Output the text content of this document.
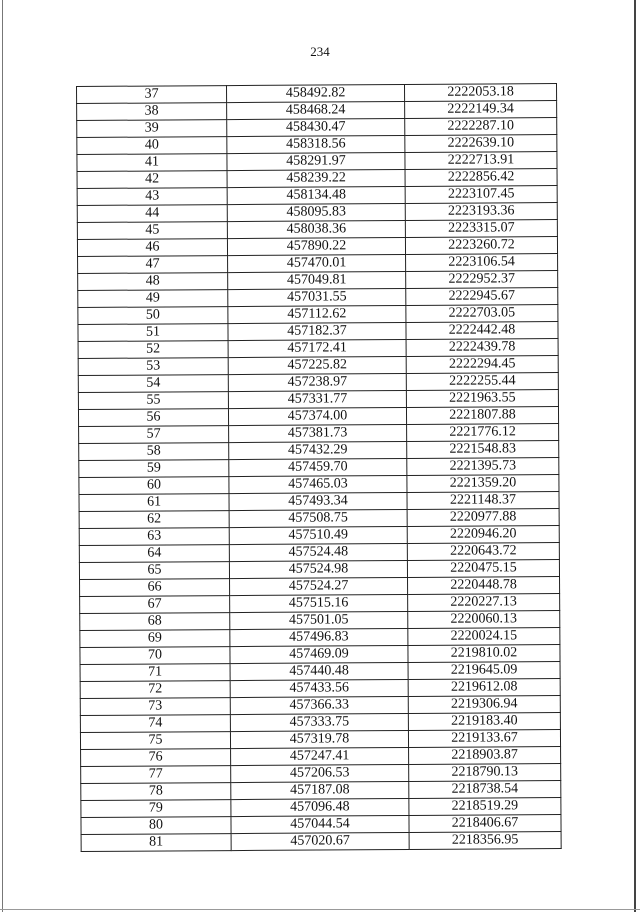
234
37	458492.82	2222053.18
38	458468.24	2222149.34
39	458430.47	2222287.10
40	458318.56	2222639.10
41	458291.97	2222713.91
42	458239.22	2222856.42
43	458134.48	2223107.45
44	458095.83	2223193.36
45	458038.36	2223315.07
46	457890.22	2223260.72
47	457470.01	2223106.54
48	457049.81	2222952.37
49	457031.55	2222945.67
50	457112.62	2222703.05
51	457182.37	2222442.48
52	457172.41	2222439.78
53	457225.82	2222294.45
54	457238.97	2222255.44
55	457331.77	2221963.55
56	457374.00	2221807.88
57	457381.73	2221776.12
58	457432.29	2221548.83
59	457459.70	2221395.73
60	457465.03	2221359.20
61	457493.34	2221148.37
62	457508.75	2220977.88
63	457510.49	2220946.20
64	457524.48	2220643.72
65	457524.98	2220475.15
66	457524.27	2220448.78
67	457515.16	2220227.13
68	457501.05	2220060.13
69	457496.83	2220024.15
70	457469.09	2219810.02
71	457440.48	2219645.09
72	457433.56	2219612.08
73	457366.33	2219306.94
74	457333.75	2219183.40
75	457319.78	2219133.67
76	457247.41	2218903.87
77	457206.53	2218790.13
78	457187.08	2218738.54
79	457096.48	2218519.29
80	457044.54	2218406.67
81	457020.67	2218356.95
